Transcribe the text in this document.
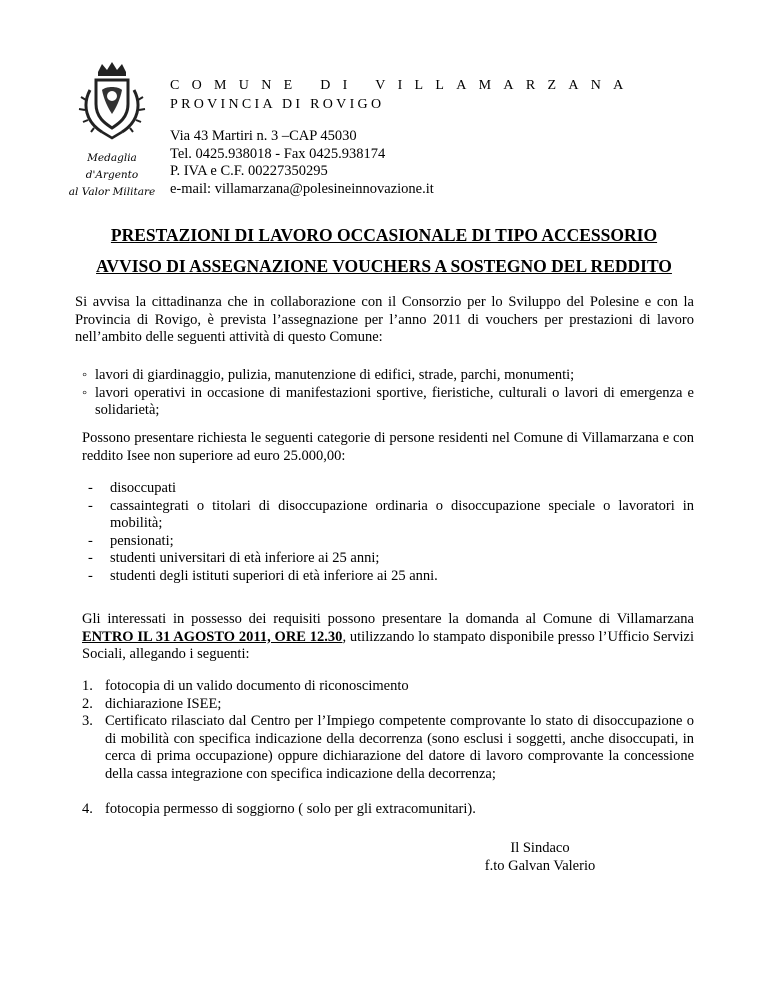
Medaglia d'Argento
al Valor Militare
COMUNE DI VILLAMARZANA
PROVINCIA DI ROVIGO
Via 43 Martiri n. 3 –CAP 45030
Tel. 0425.938018 - Fax 0425.938174
P. IVA e C.F. 00227350295
e-mail: villamarzana@polesineinnovazione.it
PRESTAZIONI DI LAVORO OCCASIONALE DI TIPO ACCESSORIO
AVVISO DI ASSEGNAZIONE VOUCHERS A SOSTEGNO DEL REDDITO
Si avvisa la cittadinanza che in collaborazione con il Consorzio per lo Sviluppo del Polesine e con la Provincia di Rovigo, è prevista l’assegnazione per l’anno 2011 di vouchers per prestazioni di lavoro nell’ambito delle seguenti attività di questo Comune:
◦ lavori di giardinaggio, pulizia, manutenzione di edifici, strade, parchi, monumenti;
◦ lavori operativi in occasione di manifestazioni sportive, fieristiche, culturali o lavori di emergenza e solidarietà;
Possono presentare richiesta le seguenti categorie di persone residenti nel Comune di Villamarzana e con reddito Isee non superiore ad euro 25.000,00:
- disoccupati
- cassaintegrati o titolari di disoccupazione ordinaria o disoccupazione speciale o lavoratori in mobilità;
- pensionati;
- studenti universitari di età inferiore ai 25 anni;
- studenti degli istituti superiori di età inferiore ai 25 anni.
Gli interessati in possesso dei requisiti possono presentare la domanda al Comune di Villamarzana ENTRO IL 31 AGOSTO 2011, ORE 12.30, utilizzando lo stampato disponibile presso l’Ufficio Servizi Sociali, allegando i seguenti:
1. fotocopia di un valido documento di riconoscimento
2. dichiarazione ISEE;
3. Certificato rilasciato dal Centro per l’Impiego competente comprovante lo stato di disoccupazione o di mobilità con specifica indicazione della decorrenza (sono esclusi i soggetti, anche disoccupati, in cerca di prima occupazione) oppure dichiarazione del datore di lavoro comprovante la concessione della cassa integrazione con specifica indicazione della decorrenza;
4. fotocopia permesso di soggiorno ( solo per gli extracomunitari).
Il Sindaco
f.to Galvan Valerio
